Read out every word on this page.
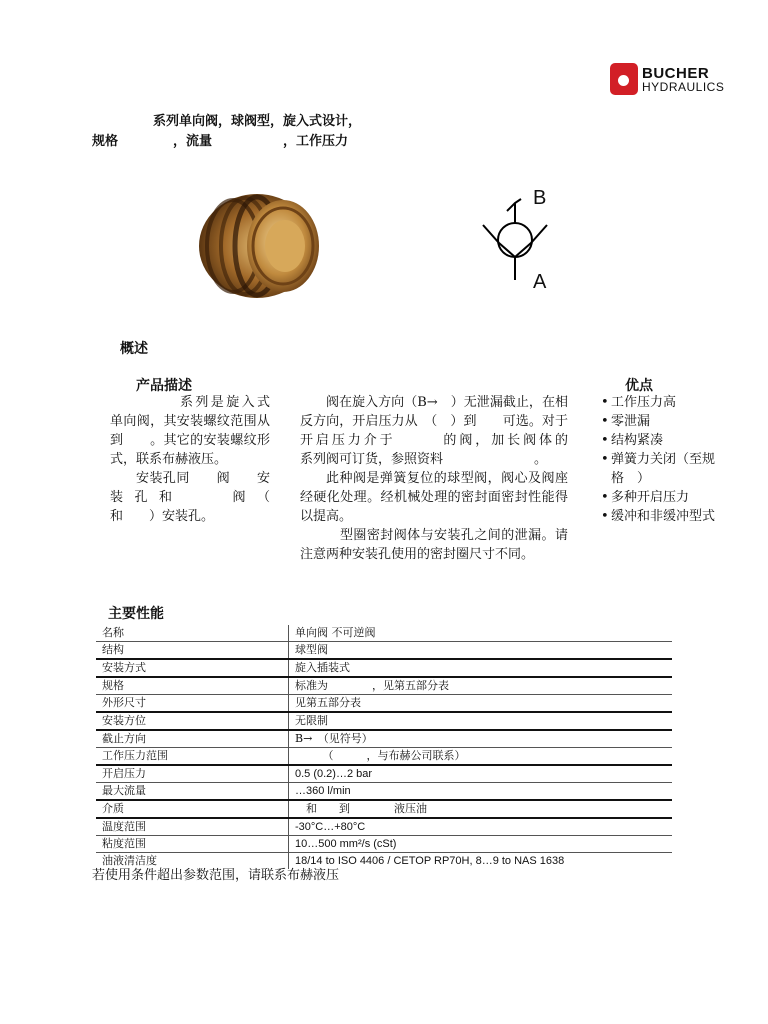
BUCHER
HYDRAULICS
系列单向阀，球阀型，旋入式设计，
规格	，流量	，工作压力
B
A
概述
产品描述

系列是旋入式单向阀，其安装螺纹范围从　　到　　。其它的安装螺纹形式，联系布赫液压。

安装孔同　　阀　　安装孔和　　阀（　　和　　）安装孔。

阀在旋入方向（B→　）无泄漏截止，在相反方向，开启压力从　（　）到　　可选。对于开启压力介于　　　的阀，加长阀体的　　　　系列阀可订货，参照资料　　　　　　　。

此种阀是弹簧复位的球型阀，阀心及阀座经硬化处理。经机械处理的密封面密封性能得以提高。

型圈密封阀体与安装孔之间的泄漏。请注意两种安装孔使用的密封圈尺寸不同。

优点
• 工作压力高
• 零泄漏
• 结构紧凑
• 弹簧力关闭（至规格　）
• 多种开启压力
• 缓冲和非缓冲型式
主要性能
名称	单向阀 不可逆阀
结构	球型阀
安装方式	旋入插装式
规格	标准为　　　　，见第五部分表
外形尺寸	见第五部分表
安装方位	无限制
截止方向	B→　（见符号）
工作压力范围	　　　（　　　，与布赫公司联系）
开启压力	0.5 (0.2)…2 bar
最大流量	…360 l/min
介质	　和　　到　　　　液压油
温度范围	-30°C…+80°C
粘度范围	10…500 mm²/s (cSt)
油液清洁度	18/14 to ISO 4406 / CETOP RP70H, 8…9 to NAS 1638
若使用条件超出参数范围，请联系布赫液压
